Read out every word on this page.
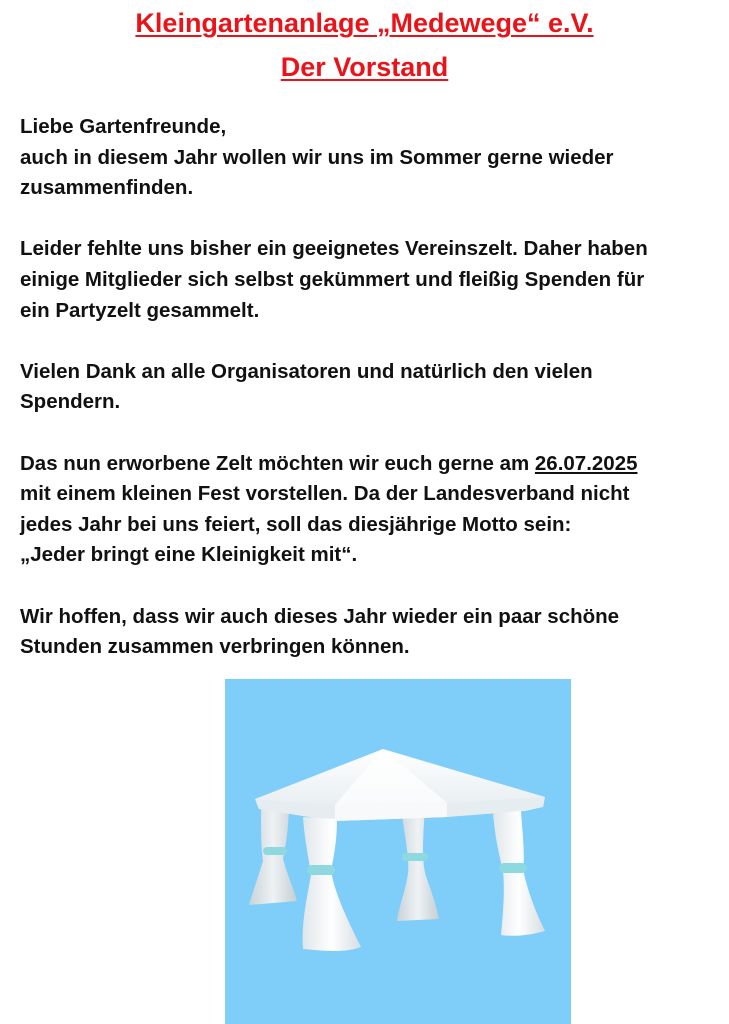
Kleingartenanlage „Medewege“ e.V.
Der Vorstand

Liebe Gartenfreunde,
auch in diesem Jahr wollen wir uns im Sommer gerne wieder
zusammenfinden.

Leider fehlte uns bisher ein geeignetes Vereinszelt. Daher haben
einige Mitglieder sich selbst gekümmert und fleißig Spenden für
ein Partyzelt gesammelt.

Vielen Dank an alle Organisatoren und natürlich den vielen
Spendern.

Das nun erworbene Zelt möchten wir euch gerne am 26.07.2025
mit einem kleinen Fest vorstellen. Da der Landesverband nicht
jedes Jahr bei uns feiert, soll das diesjährige Motto sein:
„Jeder bringt eine Kleinigkeit mit“.

Wir hoffen, dass wir auch dieses Jahr wieder ein paar schöne
Stunden zusammen verbringen können.
